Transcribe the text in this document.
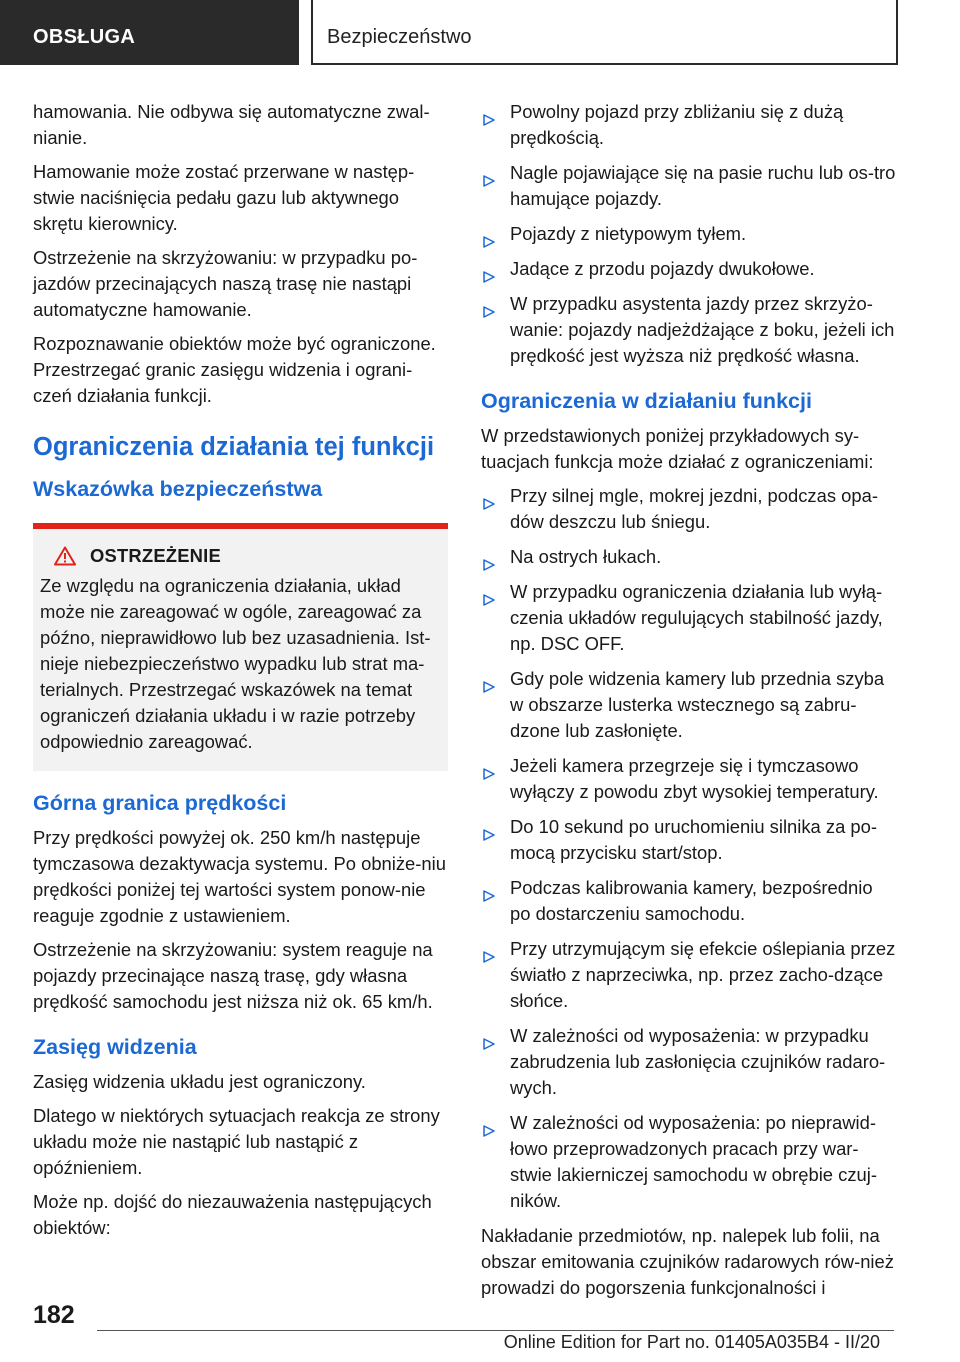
OBSŁUGA	Bezpieczeństwo

hamowania. Nie odbywa się automatyczne zwal-nianie.

Hamowanie może zostać przerwane w następ-stwie naciśnięcia pedału gazu lub aktywnego skrętu kierownicy.

Ostrzeżenie na skrzyżowaniu: w przypadku po-jazdów przecinających naszą trasę nie nastąpi automatyczne hamowanie.

Rozpoznawanie obiektów może być ograniczone. Przestrzegać granic zasięgu widzenia i ograni-czeń działania funkcji.

Ograniczenia działania tej funkcji
Wskazówka bezpieczeństwa
OSTRZEŻENIE

Ze względu na ograniczenia działania, układ może nie zareagować w ogóle, zareagować za późno, nieprawidłowo lub bez uzasadnienia. Ist-nieje niebezpieczeństwo wypadku lub strat ma-terialnych. Przestrzegać wskazówek na temat ograniczeń działania układu i w razie potrzeby odpowiednio zareagować.

Górna granica prędkości

Przy prędkości powyżej ok. 250 km/h następuje tymczasowa dezaktywacja systemu. Po obniże-niu prędkości poniżej tej wartości system ponow-nie reaguje zgodnie z ustawieniem.

Ostrzeżenie na skrzyżowaniu: system reaguje na pojazdy przecinające naszą trasę, gdy własna prędkość samochodu jest niższa niż ok. 65 km/h.

Zasięg widzenia

Zasięg widzenia układu jest ograniczony.

Dlatego w niektórych sytuacjach reakcja ze strony układu może nie nastąpić lub nastąpić z opóźnieniem.

Może np. dojść do niezauważenia następujących obiektów:

Powolny pojazd przy zbliżaniu się z dużą prędkością.
Nagle pojawiające się na pasie ruchu lub os-tro hamujące pojazdy.
Pojazdy z nietypowym tyłem.
Jadące z przodu pojazdy dwukołowe.
W przypadku asystenta jazdy przez skrzyżo-wanie: pojazdy nadjeżdżające z boku, jeżeli ich prędkość jest wyższa niż prędkość własna.
Ograniczenia w działaniu funkcji

W przedstawionych poniżej przykładowych sy-tuacjach funkcja może działać z ograniczeniami:

Przy silnej mgle, mokrej jezdni, podczas opa-dów deszczu lub śniegu.
Na ostrych łukach.
W przypadku ograniczenia działania lub wyłą-czenia układów regulujących stabilność jazdy, np. DSC OFF.
Gdy pole widzenia kamery lub przednia szyba w obszarze lusterka wstecznego są zabru-dzone lub zasłonięte.
Jeżeli kamera przegrzeje się i tymczasowo wyłączy z powodu zbyt wysokiej temperatury.
Do 10 sekund po uruchomieniu silnika za po-mocą przycisku start/stop.
Podczas kalibrowania kamery, bezpośrednio po dostarczeniu samochodu.
Przy utrzymującym się efekcie oślepiania przez światło z naprzeciwka, np. przez zacho-dzące słońce.
W zależności od wyposażenia: w przypadku zabrudzenia lub zasłonięcia czujników radaro-wych.
W zależności od wyposażenia: po nieprawid-łowo przeprowadzonych pracach przy war-stwie lakierniczej samochodu w obrębie czuj-ników.

Nakładanie przedmiotów, np. nalepek lub folii, na obszar emitowania czujników radarowych rów-nież prowadzi do pogorszenia funkcjonalności i

182
Online Edition for Part no. 01405A035B4 - II/20
